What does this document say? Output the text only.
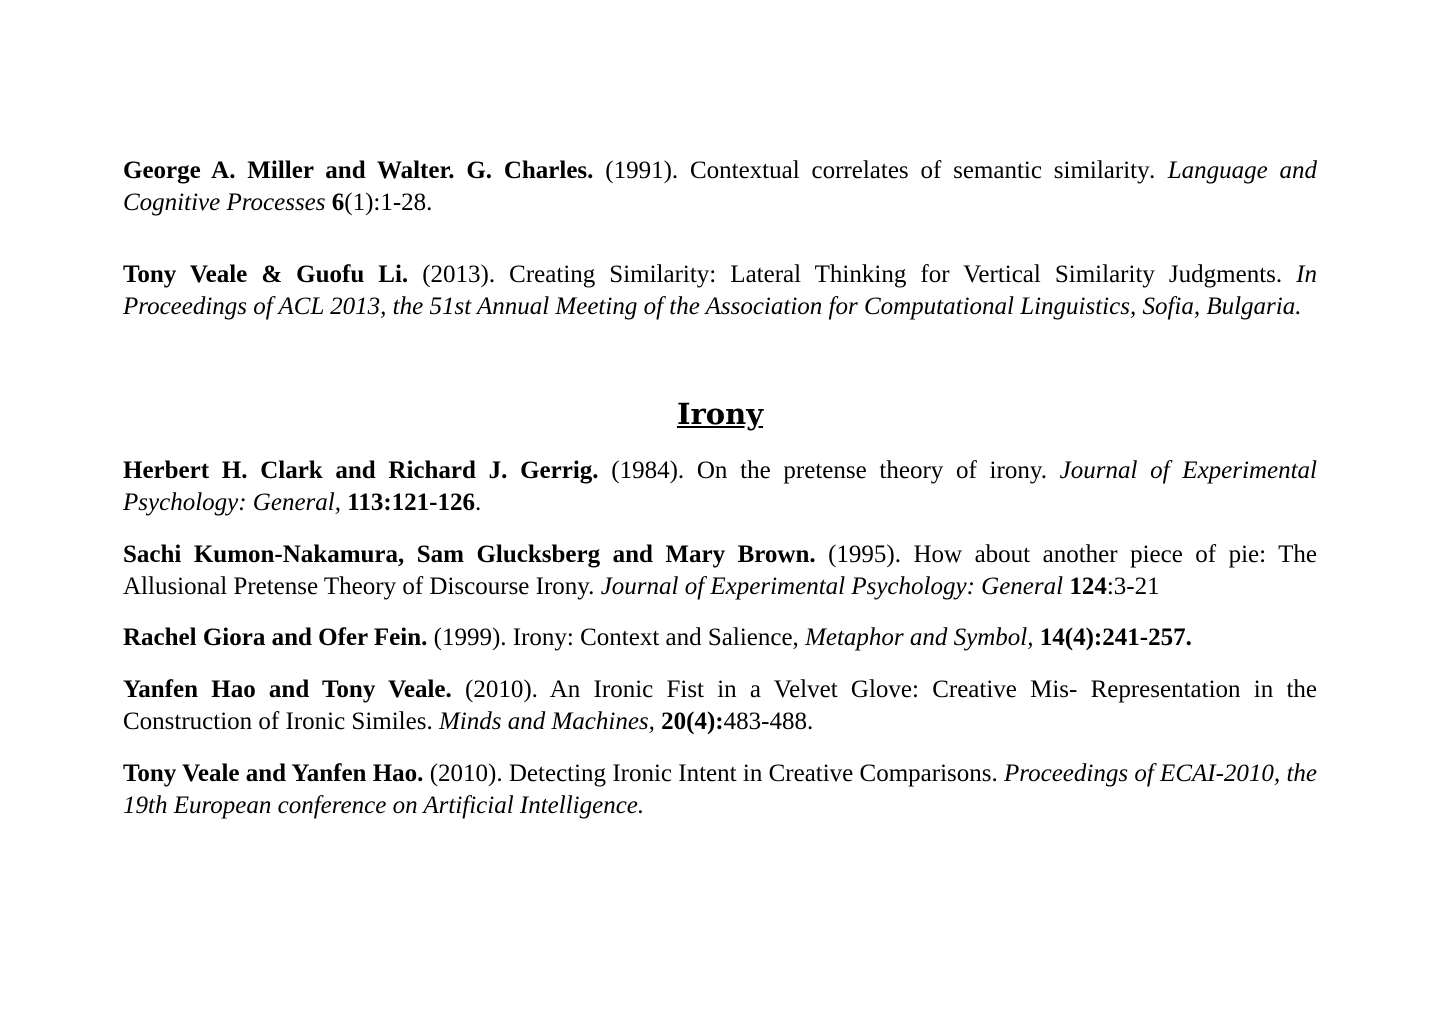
George A. Miller and Walter. G. Charles. (1991). Contextual correlates of semantic similarity. Language and Cognitive Processes 6(1):1-28.

Tony Veale & Guofu Li. (2013). Creating Similarity: Lateral Thinking for Vertical Similarity Judgments. In Proceedings of ACL 2013, the 51st Annual Meeting of the Association for Computational Linguistics, Sofia, Bulgaria.

Irony

Herbert H. Clark and Richard J. Gerrig. (1984). On the pretense theory of irony. Journal of Experimental Psychology: General, 113:121-126.

Sachi Kumon-Nakamura, Sam Glucksberg and Mary Brown. (1995). How about another piece of pie: The Allusional Pretense Theory of Discourse Irony. Journal of Experimental Psychology: General 124:3-21

Rachel Giora and Ofer Fein. (1999). Irony: Context and Salience, Metaphor and Symbol, 14(4):241-257.

Yanfen Hao and Tony Veale. (2010). An Ironic Fist in a Velvet Glove: Creative Mis- Representation in the Construction of Ironic Similes. Minds and Machines, 20(4):483-488.

Tony Veale and Yanfen Hao. (2010). Detecting Ironic Intent in Creative Comparisons. Proceedings of ECAI-2010, the 19th European conference on Artificial Intelligence.
